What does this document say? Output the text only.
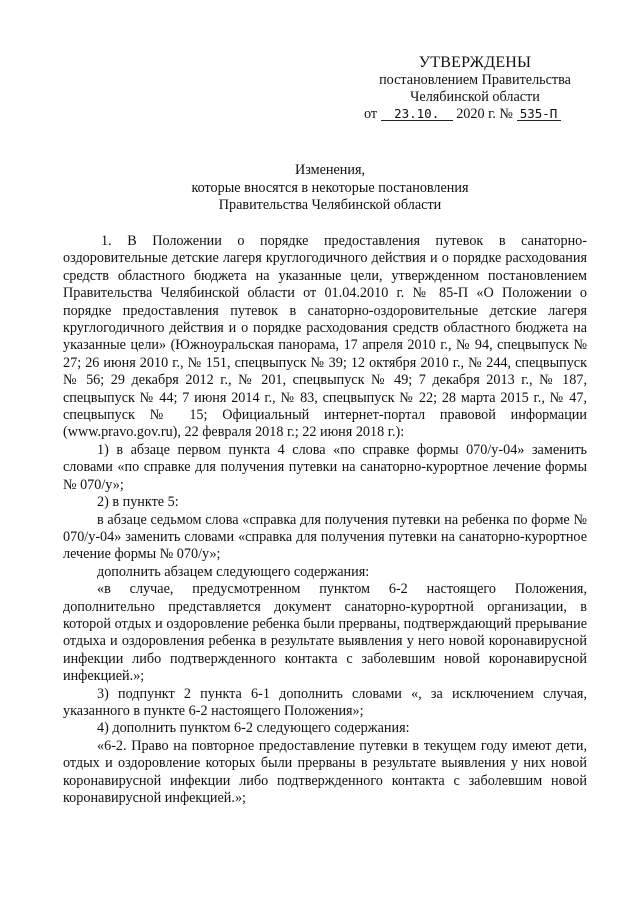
УТВЕРЖДЕНЫ
постановлением Правительства
Челябинской области
от 23.10. 2020 г. № 535-П
Изменения,
которые вносятся в некоторые постановления
Правительства Челябинской области

1. В Положении о порядке предоставления путевок в санаторно-оздоровительные детские лагеря круглогодичного действия и о порядке расходования средств областного бюджета на указанные цели, утвержденном постановлением Правительства Челябинской области от 01.04.2010 г. № 85-П «О Положении о порядке предоставления путевок в санаторно-оздоровительные детские лагеря круглогодичного действия и о порядке расходования средств областного бюджета на указанные цели» (Южноуральская панорама, 17 апреля 2010 г., № 94, спецвыпуск № 27; 26 июня 2010 г., № 151, спецвыпуск № 39; 12 октября 2010 г., № 244, спецвыпуск № 56; 29 декабря 2012 г., № 201, спецвыпуск № 49; 7 декабря 2013 г., № 187, спецвыпуск № 44; 7 июня 2014 г., № 83, спецвыпуск № 22; 28 марта 2015 г., № 47, спецвыпуск № 15; Официальный интернет-портал правовой информации (www.pravo.gov.ru), 22 февраля 2018 г.; 22 июня 2018 г.):

1) в абзаце первом пункта 4 слова «по справке формы 070/у-04» заменить словами «по справке для получения путевки на санаторно-курортное лечение формы № 070/у»;

2) в пункте 5:

в абзаце седьмом слова «справка для получения путевки на ребенка по форме № 070/у-04» заменить словами «справка для получения путевки на санаторно-курортное лечение формы № 070/у»;

дополнить абзацем следующего содержания:

«в случае, предусмотренном пунктом 6-2 настоящего Положения, дополнительно представляется документ санаторно-курортной организации, в которой отдых и оздоровление ребенка были прерваны, подтверждающий прерывание отдыха и оздоровления ребенка в результате выявления у него новой коронавирусной инфекции либо подтвержденного контакта с заболевшим новой коронавирусной инфекцией.»;

3) подпункт 2 пункта 6-1 дополнить словами «, за исключением случая, указанного в пункте 6-2 настоящего Положения»;

4) дополнить пунктом 6-2 следующего содержания:

«6-2. Право на повторное предоставление путевки в текущем году имеют дети, отдых и оздоровление которых были прерваны в результате выявления у них новой коронавирусной инфекции либо подтвержденного контакта с заболевшим новой коронавирусной инфекцией.»;
